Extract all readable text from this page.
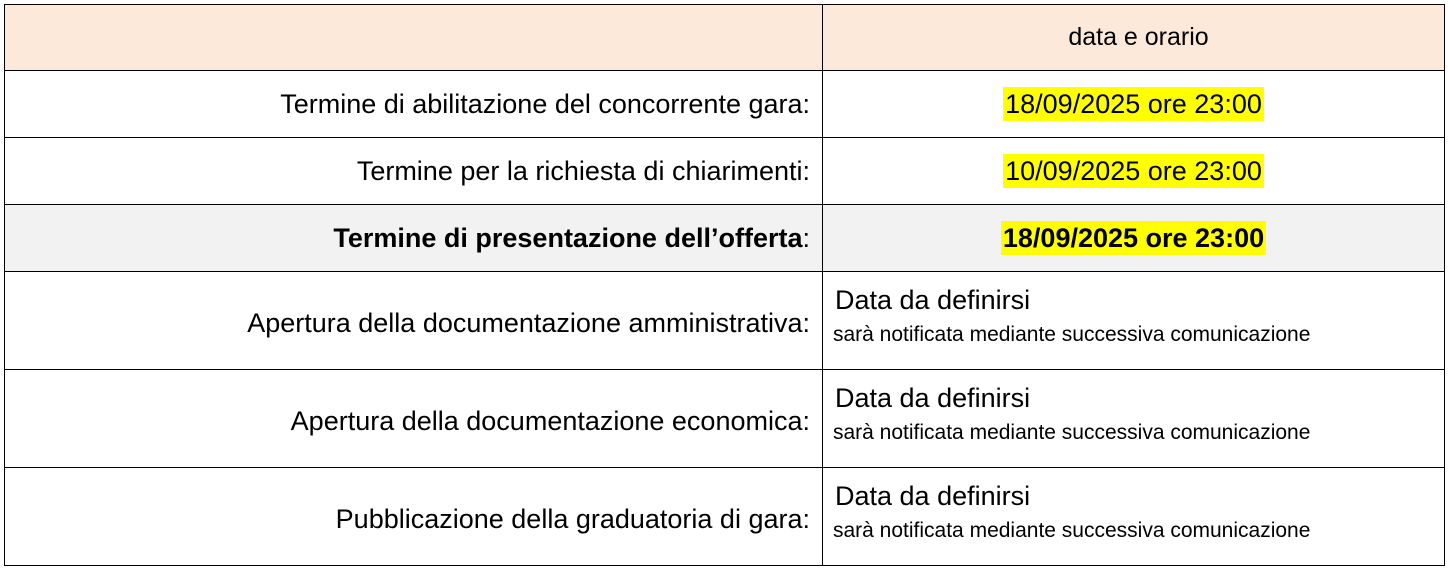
	data e orario
Termine di abilitazione del concorrente gara:	18/09/2025 ore 23:00
Termine per la richiesta di chiarimenti:	10/09/2025 ore 23:00
Termine di presentazione dell’offerta:	18/09/2025 ore 23:00
Apertura della documentazione amministrativa:	Data da definirsi
sarà notificata mediante successiva comunicazione

Apertura della documentazione economica:	Data da definirsi
sarà notificata mediante successiva comunicazione

Pubblicazione della graduatoria di gara:	Data da definirsi
sarà notificata mediante successiva comunicazione
